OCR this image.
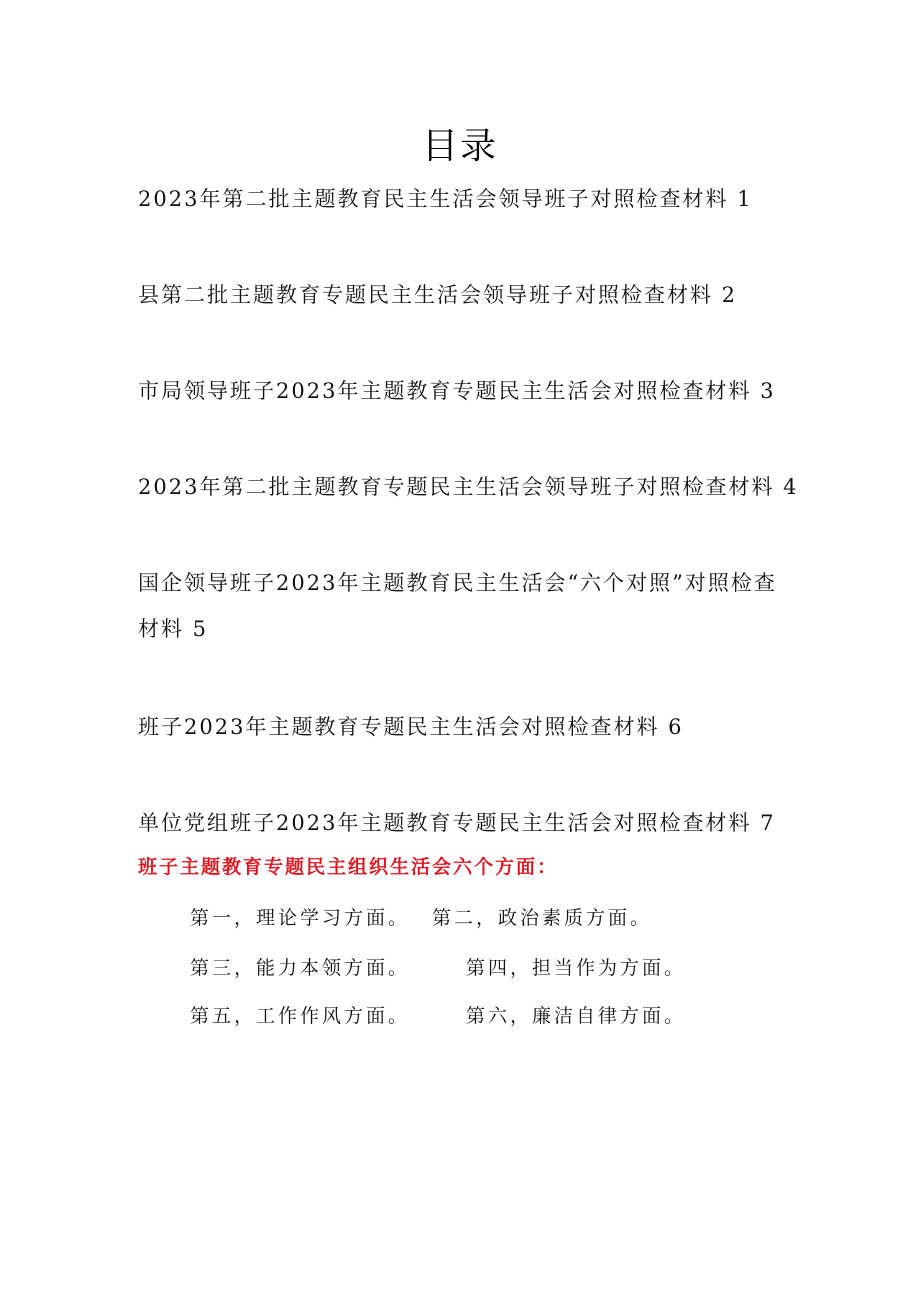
目录
2023年第二批主题教育民主生活会领导班子对照检查材料 1
县第二批主题教育专题民主生活会领导班子对照检查材料 2
市局领导班子2023年主题教育专题民主生活会对照检查材料 3
2023年第二批主题教育专题民主生活会领导班子对照检查材料 4
国企领导班子2023年主题教育民主生活会“六个对照”对照检查材料 5
班子2023年主题教育专题民主生活会对照检查材料 6
单位党组班子2023年主题教育专题民主生活会对照检查材料 7
班子主题教育专题民主组织生活会六个方面：
第一，理论学习方面。 第二，政治素质方面。
第三，能力本领方面。	第四，担当作为方面。
第五，工作作风方面。	第六，廉洁自律方面。
